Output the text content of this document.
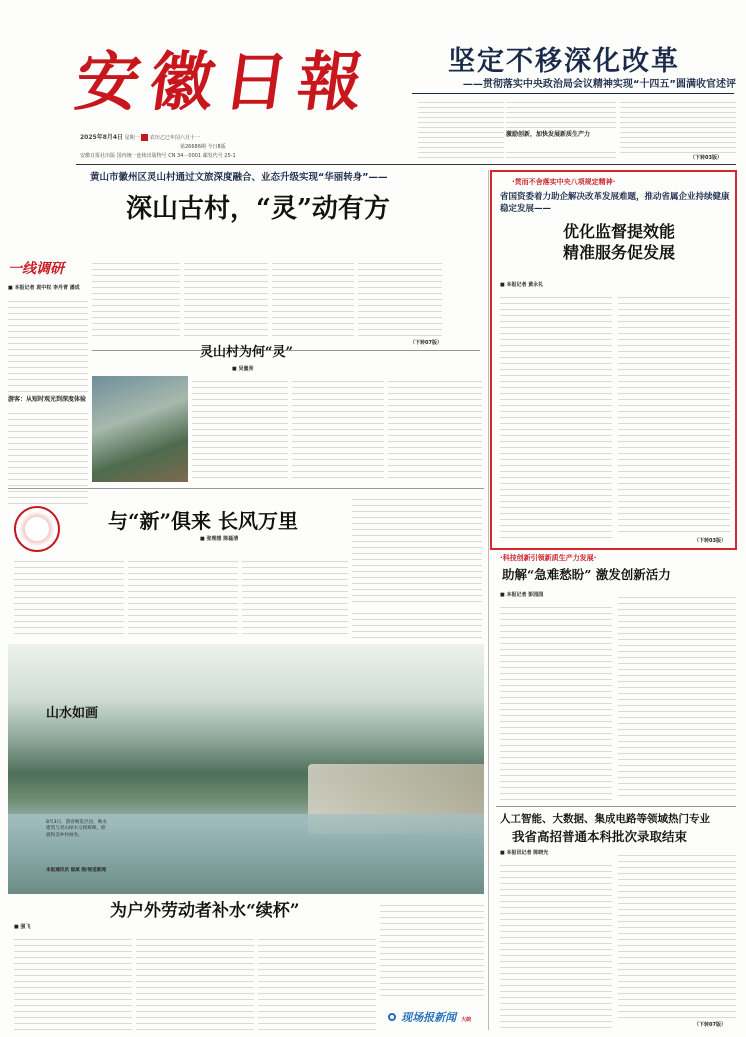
安徽日報
2025年8月4日 星期一 农历乙巳年闰六月十一
第26686期 今日8版
安徽日报社出版 国内统一连续出版物号 CN 34－0001 邮发代号 25-1
坚定不移深化改革
——贯彻落实中央政治局会议精神实现“十四五”圆满收官述评

激励创新，加快发展新质生产力
（下转03版）
黄山市徽州区灵山村通过文旅深度融合、业态升级实现“华丽转身”——
深山古村，“灵”动有方
一线调研
■ 本报记者 袁中权 李丹青 潘成
游客：从短时观光到深度体验
（下转07版）
灵山村为何“灵”
■ 吴量亮
与“新”俱来 长风万里
■ 张理想 陈磊清
山水如画
8月3日，游客畅览泾县，映水建筑与青山绿水交相辉映，绘就和美乡村画卷。
本报通讯员 崔斌 图/视觉新闻
为户外劳动者补水“续杯”
■ 强飞
现场报新闻 大皖
·贯而不舍落实中央八项规定精神·
省国资委着力助企解决改革发展难题，推动省属企业持续健康稳定发展——
优化监督提效能
精准服务促发展
■ 本报记者 黄永礼
（下转03版）
·科技创新引领新质生产力发展·
助解“急难愁盼” 激发创新活力
■ 本报记者 彭园园
人工智能、大数据、集成电路等领域热门专业
我省高招普通本科批次录取结束
■ 本报讯记者 陈晓光
（下转07版）
